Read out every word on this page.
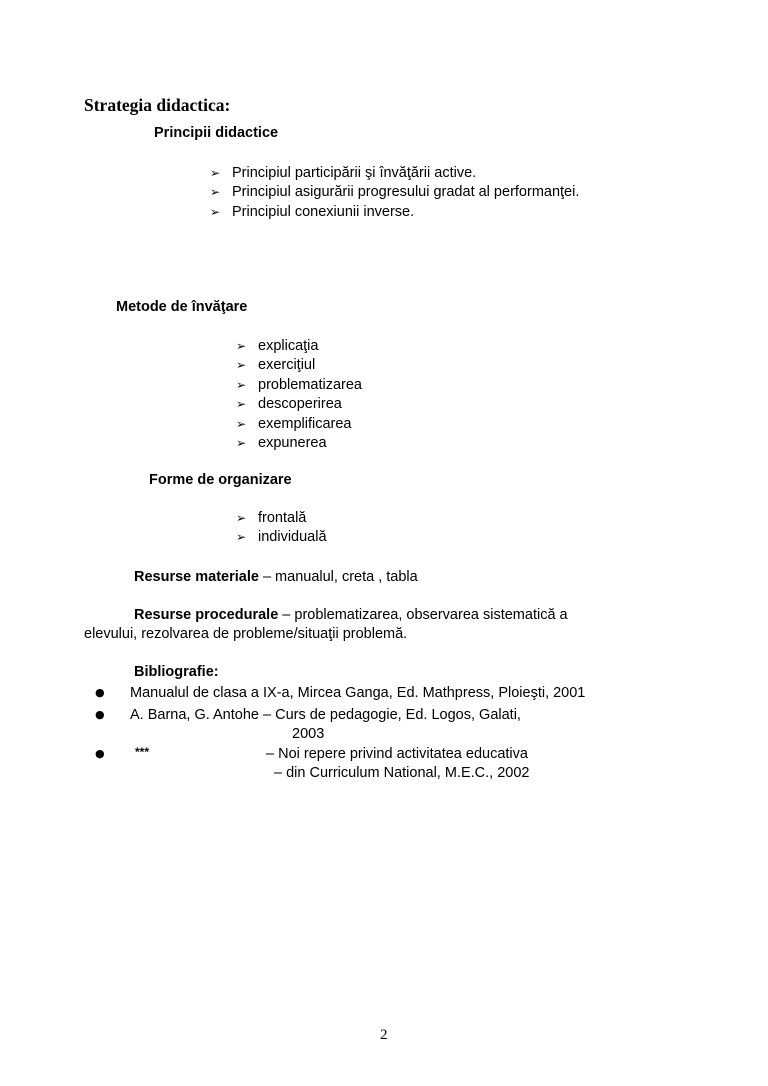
Strategia didactica:
Principii didactice
➢ Principiul participării şi învăţării active.
➢ Principiul asigurării progresului gradat al performanţei.
➢ Principiul conexiunii inverse.
Metode de învăţare
➢ explicaţia
➢ exerciţiul
➢ problematizarea
➢ descoperirea
➢ exemplificarea
➢ expunerea
Forme de organizare
➢ frontală
➢ individuală
Resurse materiale – manualul, creta , tabla
Resurse procedurale – problematizarea, observarea sistematică a
elevului, rezolvarea de probleme/situaţii problemă.
Bibliografie:
● Manualul de clasa a IX-a, Mircea Ganga, Ed. Mathpress, Ploieşti, 2001
● A. Barna, G. Antohe – Curs de pedagogie, Ed. Logos, Galati,
2003
●	***	– Noi repere privind activitatea educativa
– din Curriculum National, M.E.C., 2002
2
